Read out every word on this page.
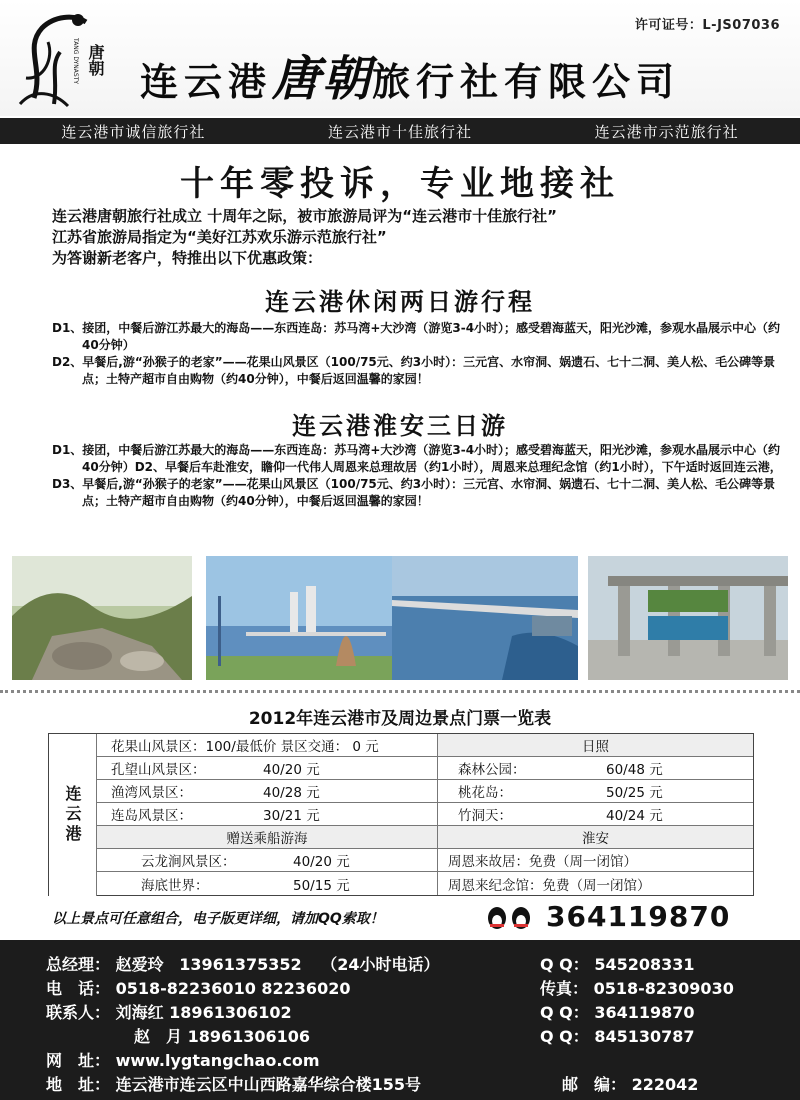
唐朝
TANG DYNASTY
许可证号：L-JS07036
连云港唐朝旅行社有限公司
连云港市诚信旅行社	连云港市十佳旅行社	连云港市示范旅行社
十年零投诉，专业地接社
连云港唐朝旅行社成立 十周年之际，被市旅游局评为“连云港市十佳旅行社”
江苏省旅游局指定为“美好江苏欢乐游示范旅行社”
为答谢新老客户，特推出以下优惠政策：
连云港休闲两日游行程

D1、接团，中餐后游江苏最大的海岛——东西连岛：苏马湾+大沙湾（游览3-4小时）；感受碧海蓝天，阳光沙滩，参观水晶展示中心（约40分钟）

D2、早餐后,游“孙猴子的老家”——花果山风景区（100/75元、约3小时）：三元宫、水帘洞、娲遗石、七十二洞、美人松、毛公碑等景点；土特产超市自由购物（约40分钟），中餐后返回温馨的家园！

连云港淮安三日游

D1、接团，中餐后游江苏最大的海岛——东西连岛：苏马湾+大沙湾（游览3-4小时）；感受碧海蓝天，阳光沙滩，参观水晶展示中心（约40分钟）D2、早餐后车赴淮安，瞻仰一代伟人周恩来总理故居（约1小时），周恩来总理纪念馆（约1小时），下午适时返回连云港，

D3、早餐后,游“孙猴子的老家”——花果山风景区（100/75元、约3小时）：三元宫、水帘洞、娲遗石、七十二洞、美人松、毛公碑等景点；土特产超市自由购物（约40分钟），中餐后返回温馨的家园！

2012年连云港市及周边景点门票一览表
连云港
花果山风景区：100/最低价 景区交通： 0 元	日照
孔望山风景区：	40/20 元	森林公园：	60/48 元
渔湾风景区：	40/28 元	桃花岛：	50/25 元
连岛风景区：	30/21 元	竹洞天：	40/24 元
赠送乘船游海	淮安
云龙涧风景区：	40/20 元	周恩来故居：免费（周一闭馆）
海底世界：	50/15 元	周恩来纪念馆：免费（周一闭馆）
以上景点可任意组合，电子版更详细，请加QQ索取！	364119870
总经理： 赵爱玲 13961375352 （24小时电话）	Q Q： 545208331
电　话： 0518-82236010 82236020	传真： 0518-82309030
联系人： 刘海红 18961306102	Q Q： 364119870
赵　月 18961306106	Q Q： 845130787
网　址： www.lygtangchao.com
地　址： 连云港市连云区中山西路嘉华综合楼155号	邮　编： 222042
